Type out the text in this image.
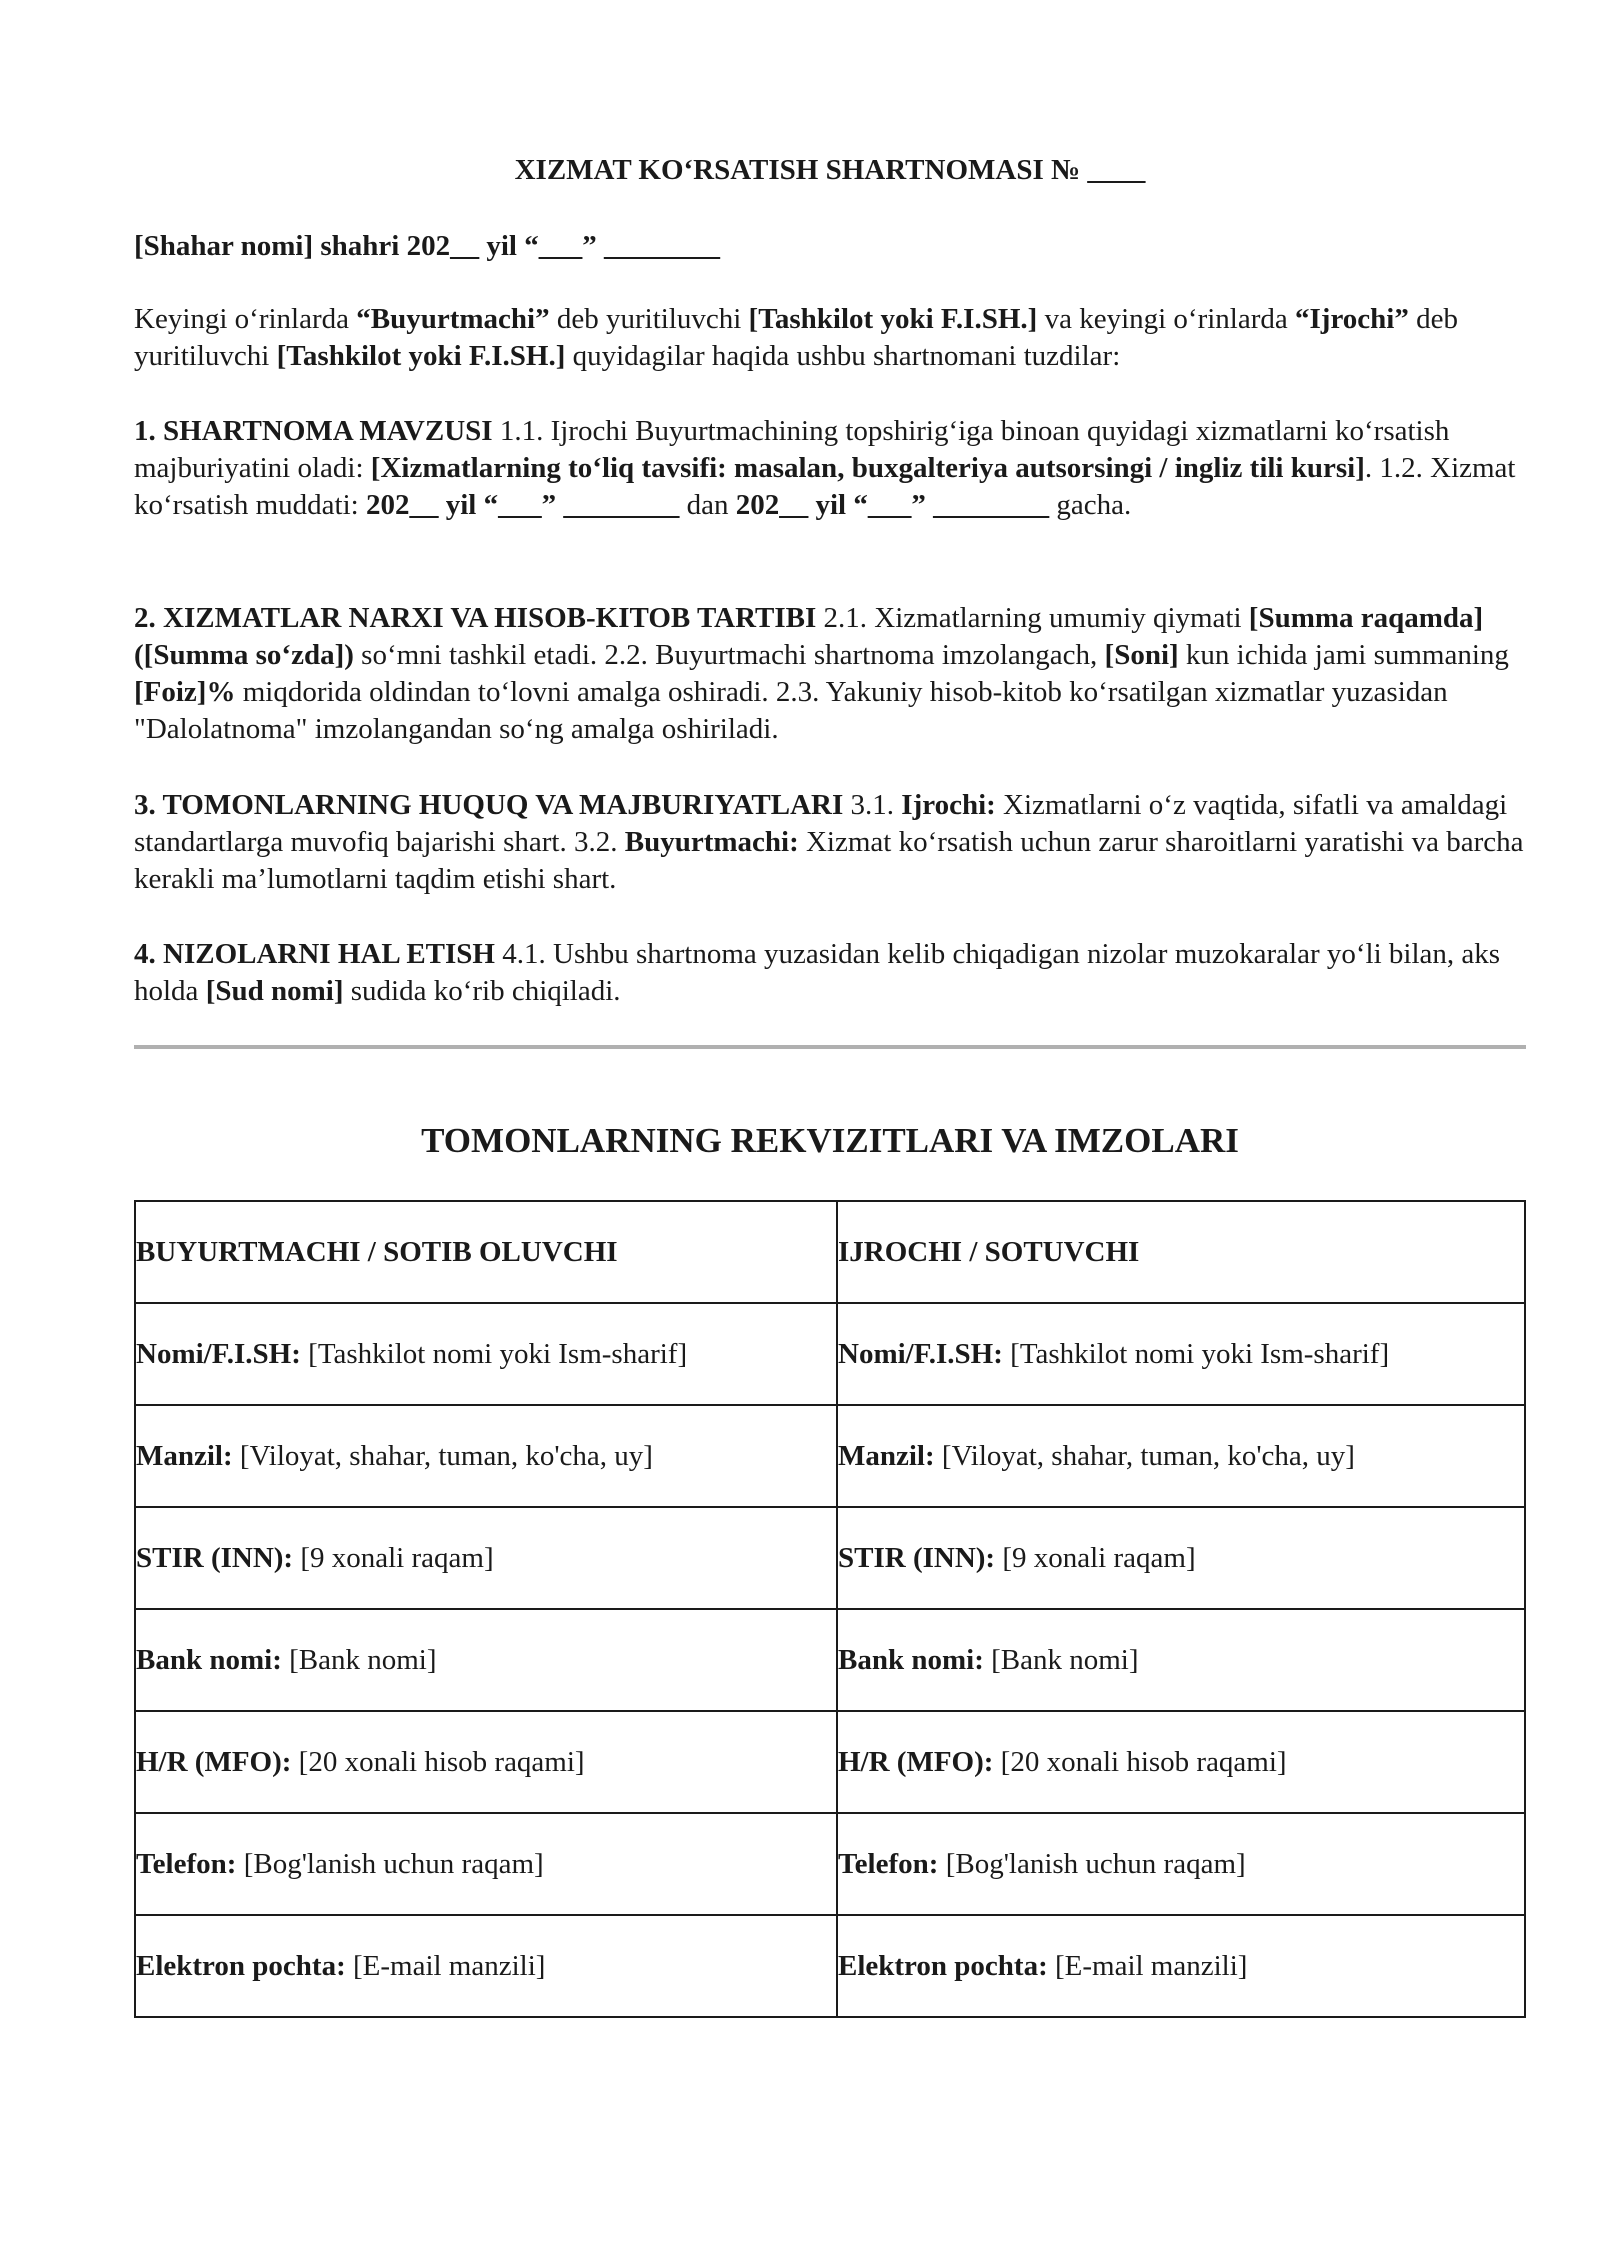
XIZMAT KO‘RSATISH SHARTNOMASI № ____
[Shahar nomi] shahri 202__ yil “___” ________

Keyingi o‘rinlarda “Buyurtmachi” deb yuritiluvchi [Tashkilot yoki F.I.SH.] va keyingi o‘rinlarda “Ijrochi” deb yuritiluvchi [Tashkilot yoki F.I.SH.] quyidagilar haqida ushbu shartnomani tuzdilar:

1. SHARTNOMA MAVZUSI 1.1. Ijrochi Buyurtmachining topshirig‘iga binoan quyidagi xizmatlarni ko‘rsatish majburiyatini oladi: [Xizmatlarning to‘liq tavsifi: masalan, buxgalteriya autsorsingi / ingliz tili kursi]. 1.2. Xizmat ko‘rsatish muddati: 202__ yil “___” ________ dan 202__ yil “___” ________ gacha.

2. XIZMATLAR NARXI VA HISOB-KITOB TARTIBI 2.1. Xizmatlarning umumiy qiymati [Summa raqamda] ([Summa so‘zda]) so‘mni tashkil etadi. 2.2. Buyurtmachi shartnoma imzolangach, [Soni] kun ichida jami summaning [Foiz]% miqdorida oldindan to‘lovni amalga oshiradi. 2.3. Yakuniy hisob-kitob ko‘rsatilgan xizmatlar yuzasidan "Dalolatnoma" imzolangandan so‘ng amalga oshiriladi.

3. TOMONLARNING HUQUQ VA MAJBURIYATLARI 3.1. Ijrochi: Xizmatlarni o‘z vaqtida, sifatli va amaldagi standartlarga muvofiq bajarishi shart. 3.2. Buyurtmachi: Xizmat ko‘rsatish uchun zarur sharoitlarni yaratishi va barcha kerakli ma’lumotlarni taqdim etishi shart.

4. NIZOLARNI HAL ETISH 4.1. Ushbu shartnoma yuzasidan kelib chiqadigan nizolar muzokaralar yo‘li bilan, aks holda [Sud nomi] sudida ko‘rib chiqiladi.

TOMONLARNING REKVIZITLARI VA IMZOLARI
BUYURTMACHI / SOTIB OLUVCHI	IJROCHI / SOTUVCHI
Nomi/F.I.SH: [Tashkilot nomi yoki Ism-sharif]	Nomi/F.I.SH: [Tashkilot nomi yoki Ism-sharif]
Manzil: [Viloyat, shahar, tuman, ko'cha, uy]	Manzil: [Viloyat, shahar, tuman, ko'cha, uy]
STIR (INN): [9 xonali raqam]	STIR (INN): [9 xonali raqam]
Bank nomi: [Bank nomi]	Bank nomi: [Bank nomi]
H/R (MFO): [20 xonali hisob raqami]	H/R (MFO): [20 xonali hisob raqami]
Telefon: [Bog'lanish uchun raqam]	Telefon: [Bog'lanish uchun raqam]
Elektron pochta: [E-mail manzili]	Elektron pochta: [E-mail manzili]
